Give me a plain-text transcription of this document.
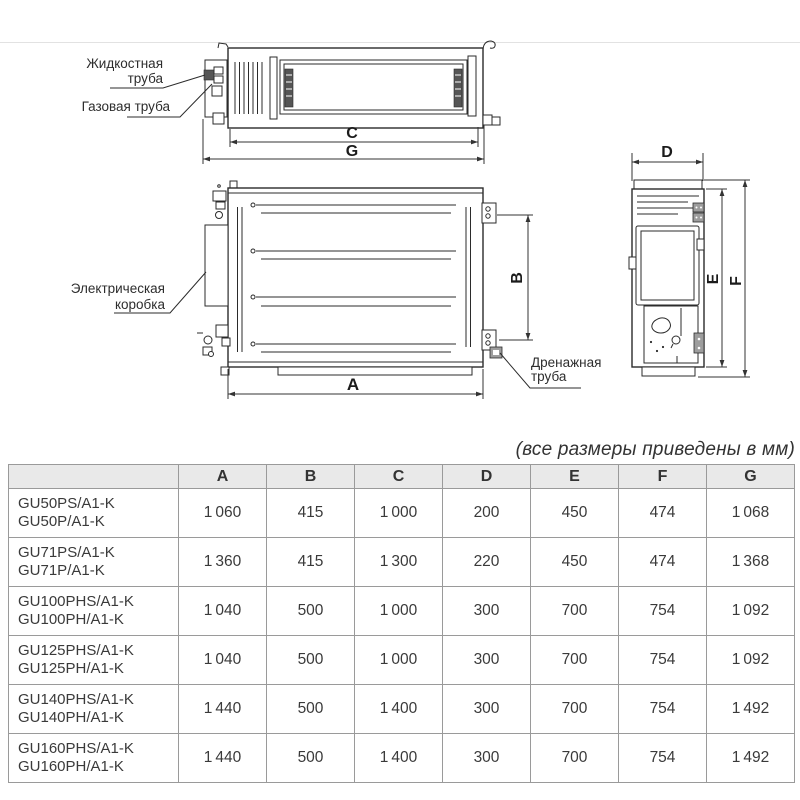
C
G
Жидкостная
труба
Газовая труба
B
A
Электрическая
коробка
Дренажная
труба
D
E F
(все размеры приведены в мм)
	A	B	C	D	E	F	G

GU50PS/A1-K
GU50P/A1-K	1 060	415	1 000	200	450	474	1 068

GU71PS/A1-K
GU71P/A1-K	1 360	415	1 300	220	450	474	1 368

GU100PHS/A1-K
GU100PH/A1-K	1 040	500	1 000	300	700	754	1 092

GU125PHS/A1-K
GU125PH/A1-K	1 040	500	1 000	300	700	754	1 092

GU140PHS/A1-K
GU140PH/A1-K	1 440	500	1 400	300	700	754	1 492

GU160PHS/A1-K
GU160PH/A1-K	1 440	500	1 400	300	700	754	1 492
